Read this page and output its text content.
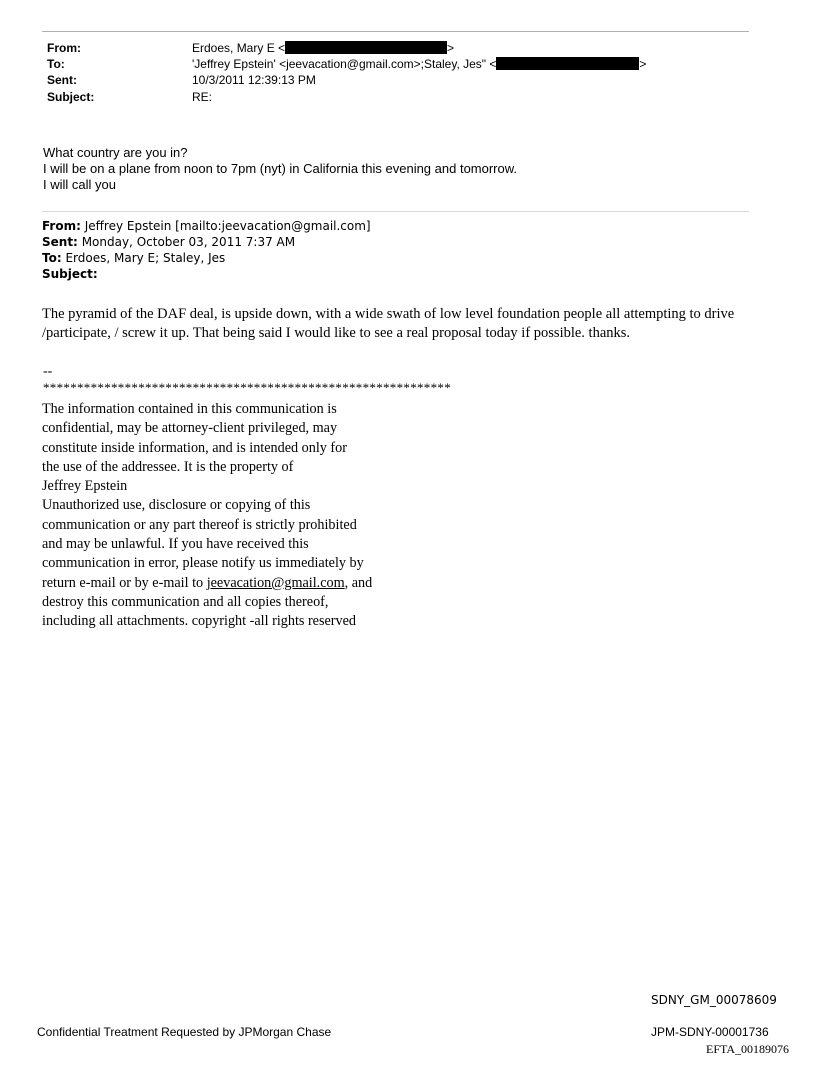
From:	Erdoes, Mary E <	>
To:	'Jeffrey Epstein' <jeevacation@gmail.com>;Staley, Jes" <	>
Sent:	10/3/2011 12:39:13 PM
Subject:	RE:
What country are you in?
I will be on a plane from noon to 7pm (nyt) in California this evening and tomorrow.
I will call you
From: Jeffrey Epstein [mailto:jeevacation@gmail.com]
Sent: Monday, October 03, 2011 7:37 AM
To: Erdoes, Mary E; Staley, Jes
Subject:
The pyramid of the DAF deal, is upside down, with a wide swath of low level foundation people all attempting to drive /participate, / screw it up. That being said I would like to see a real proposal today if possible. thanks.
--
************************************************************
The information contained in this communication is
confidential, may be attorney-client privileged, may
constitute inside information, and is intended only for
the use of the addressee. It is the property of
Jeffrey Epstein
Unauthorized use, disclosure or copying of this
communication or any part thereof is strictly prohibited
and may be unlawful. If you have received this
communication in error, please notify us immediately by
return e-mail or by e-mail to jeevacation@gmail.com, and
destroy this communication and all copies thereof,
including all attachments. copyright -all rights reserved
SDNY_GM_00078609
Confidential Treatment Requested by JPMorgan Chase	JPM-SDNY-00001736
EFTA_00189076
